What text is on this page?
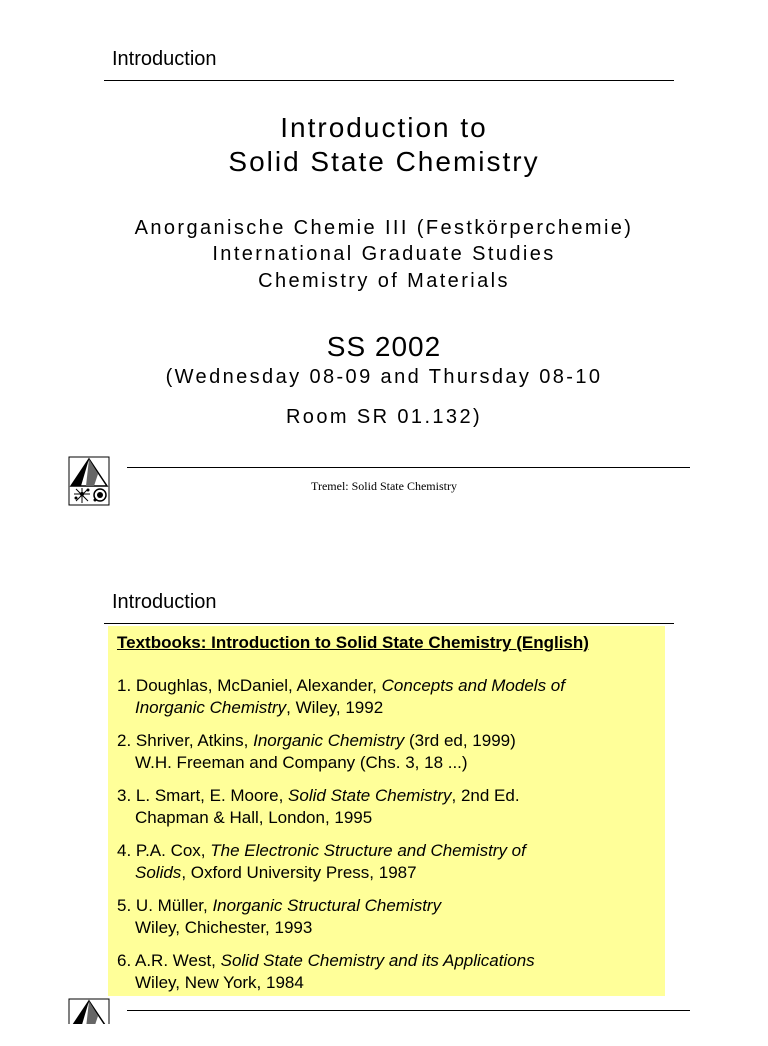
Introduction
Introduction to
Solid State Chemistry
Anorganische Chemie III (Festkörperchemie)
International Graduate Studies
Chemistry of Materials
SS 2002
(Wednesday 08-09 and Thursday 08-10
Room SR 01.132)
Tremel: Solid State Chemistry
Introduction
Textbooks: Introduction to Solid State Chemistry (English)
1. Doughlas, McDaniel, Alexander, Concepts and Models of
Inorganic Chemistry, Wiley, 1992
2. Shriver, Atkins, Inorganic Chemistry (3rd ed, 1999)
W.H. Freeman and Company (Chs. 3, 18 ...)
3. L. Smart, E. Moore, Solid State Chemistry, 2nd Ed.
Chapman & Hall, London, 1995
4. P.A. Cox, The Electronic Structure and Chemistry of
Solids, Oxford University Press, 1987
5. U. Müller, Inorganic Structural Chemistry
Wiley, Chichester, 1993
6. A.R. West, Solid State Chemistry and its Applications
Wiley, New York, 1984
